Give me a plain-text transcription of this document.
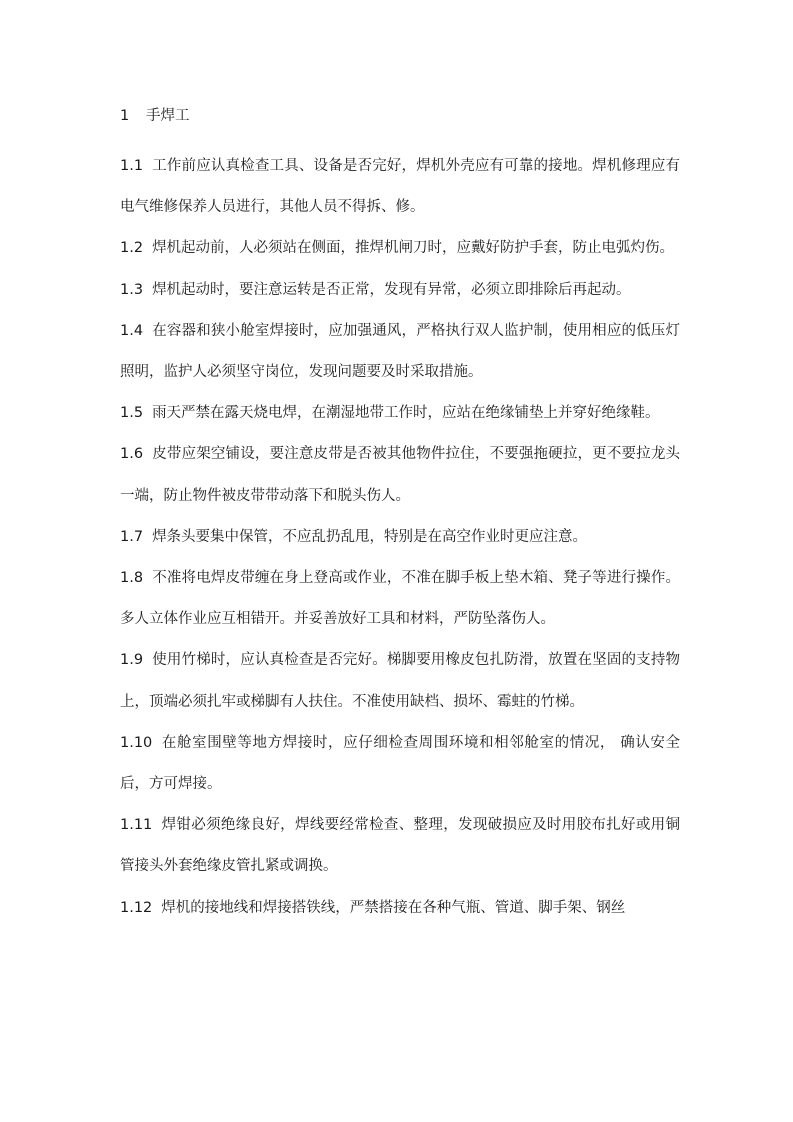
1 手焊工

1.1 工作前应认真检查工具、设备是否完好，焊机外壳应有可靠的接地。焊机修理应有电气维修保养人员进行，其他人员不得拆、修。

1.2 焊机起动前，人必须站在侧面，推焊机闸刀时，应戴好防护手套，防止电弧灼伤。

1.3 焊机起动时，要注意运转是否正常，发现有异常，必须立即排除后再起动。

1.4 在容器和狭小舱室焊接时，应加强通风，严格执行双人监护制，使用相应的低压灯照明，监护人必须坚守岗位，发现问题要及时采取措施。

1.5 雨天严禁在露天烧电焊，在潮湿地带工作时，应站在绝缘铺垫上并穿好绝缘鞋。

1.6 皮带应架空铺设，要注意皮带是否被其他物件拉住，不要强拖硬拉，更不要拉龙头一端，防止物件被皮带带动落下和脱头伤人。

1.7 焊条头要集中保管，不应乱扔乱甩，特别是在高空作业时更应注意。

1.8 不准将电焊皮带缠在身上登高或作业，不准在脚手板上垫木箱、凳子等进行操作。多人立体作业应互相错开。并妥善放好工具和材料，严防坠落伤人。

1.9 使用竹梯时，应认真检查是否完好。梯脚要用橡皮包扎防滑，放置在坚固的支持物上，顶端必须扎牢或梯脚有人扶住。不准使用缺档、损坏、霉蛀的竹梯。

1.10 在舱室围壁等地方焊接时，应仔细检查周围环境和相邻舱室的情况， 确认安全后，方可焊接。

1.11 焊钳必须绝缘良好，焊线要经常检查、整理，发现破损应及时用胶布扎好或用铜管接头外套绝缘皮管扎紧或调换。

1.12 焊机的接地线和焊接搭铁线，严禁搭接在各种气瓶、管道、脚手架、钢丝
